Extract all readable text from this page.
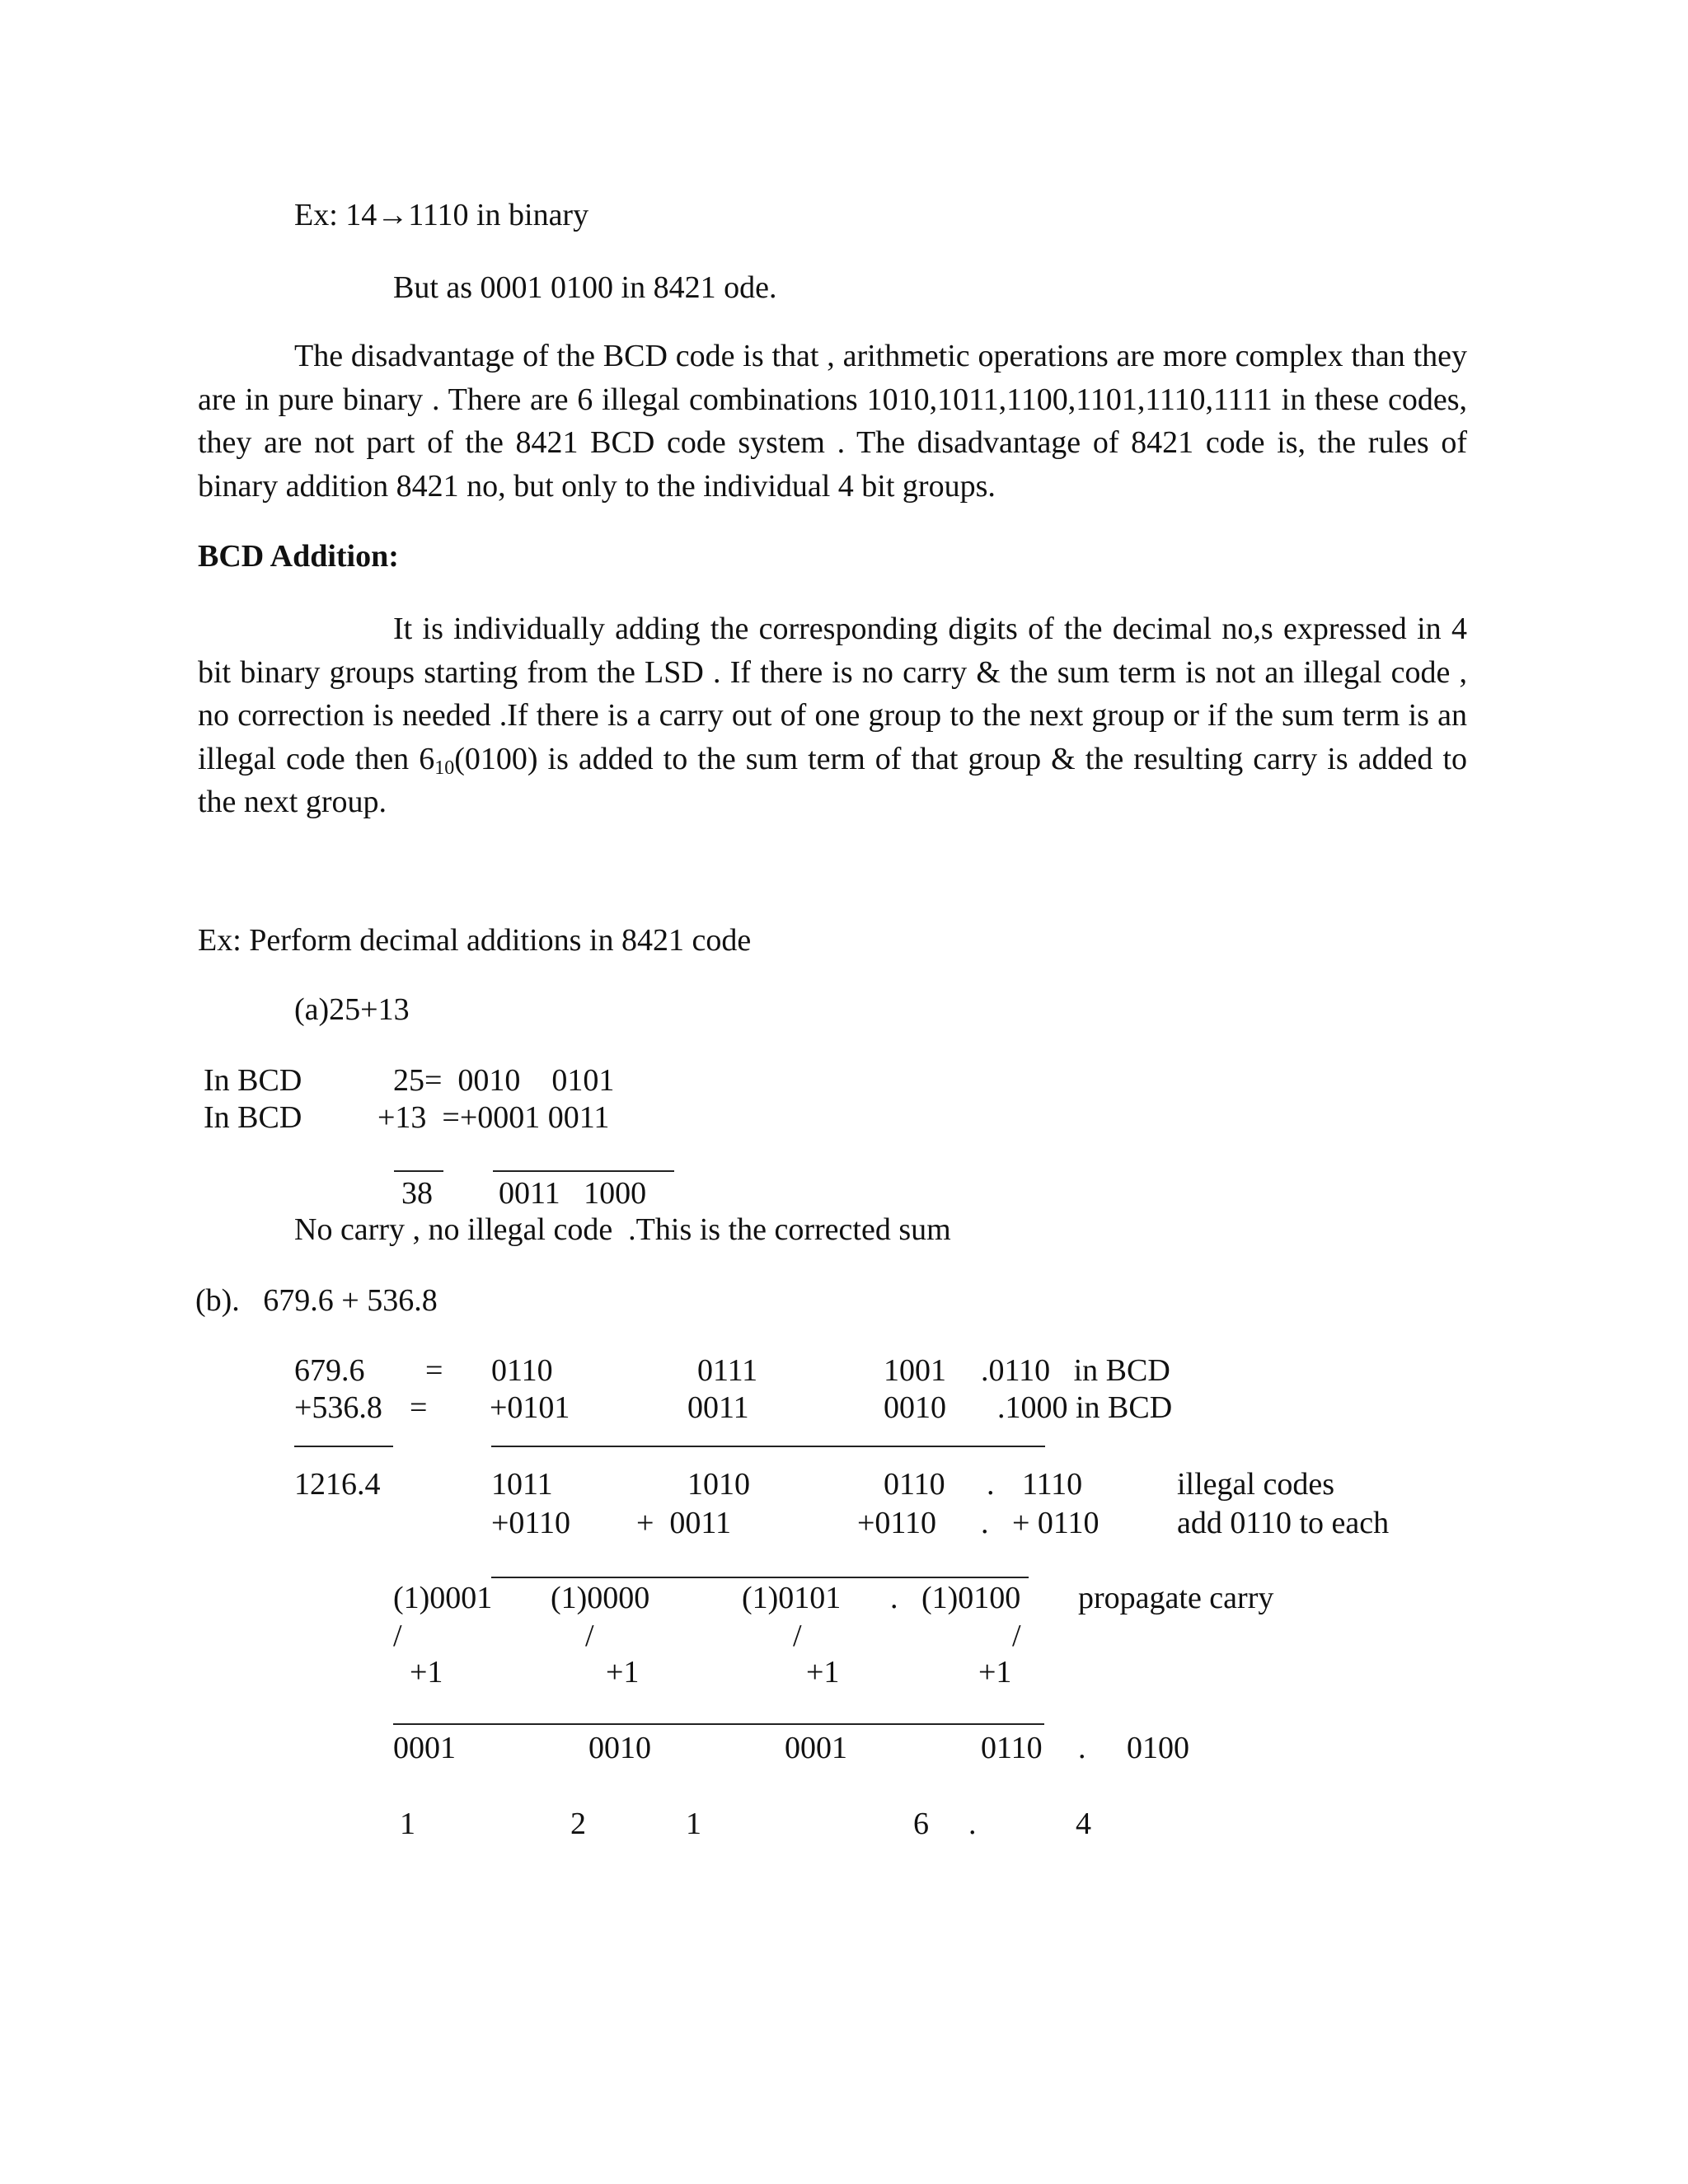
Ex: 14→1110 in binary
But as 0001 0100 in 8421 ode.
The disadvantage of the BCD code is that , arithmetic operations are more complex than they are in pure binary . There are 6 illegal combinations 1010,1011,1100,1101,1110,1111 in these codes, they are not part of the 8421 BCD code system . The disadvantage of 8421 code is, the rules of binary addition 8421 no, but only to the individual 4 bit groups.
BCD Addition:
It is individually adding the corresponding digits of the decimal no,s expressed in 4 bit binary groups starting from the LSD . If there is no carry & the sum term is not an illegal code , no correction is needed .If there is a carry out of one group to the next group or if the sum term is an illegal code then $6_{10}(0100)$ is added to the sum term of that group & the resulting carry is added to the next group.
Ex: Perform decimal additions in 8421 code
(a)25+13
In BCD	25=  0010    0101
In BCD +13  =+0001 0011
38 0011   1000
No carry , no illegal code  .This is the corrected sum
(b).   679.6 + 536.8
679.6 = 0110	0111	1001 .0110   in BCD
+536.8 = +0101	0011	0010 .1000 in BCD
1216.4	1011	1010	0110 . 1110	illegal codes
+0110 +  0011	+0110 . + 0110 add 0110 to each
(1)0001 (1)0000	(1)0101 . (1)0100 propagate carry
/	/	/	/
+1	+1	+1	+1
0001	0010	0001	0110 . 0100
1	2	1	6 .	4
